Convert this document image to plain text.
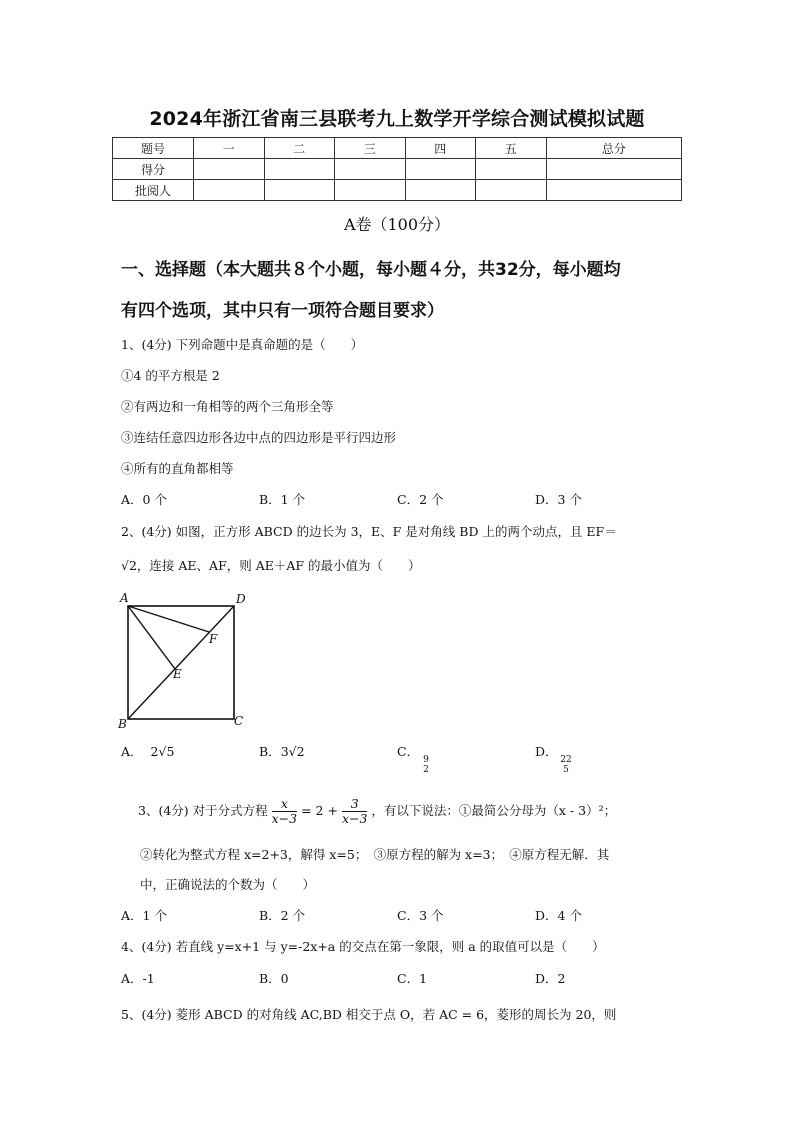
2024年浙江省南三县联考九上数学开学综合测试模拟试题
题号	一	二	三	四	五	总分
得分						
批阅人						
A卷（100分）
一、选择题（本大题共８个小题，每小题４分，共32分，每小题均
有四个选项，其中只有一项符合题目要求）
1、(4分) 下列命题中是真命题的是（　　）
①4 的平方根是 2
②有两边和一角相等的两个三角形全等
③连结任意四边形各边中点的四边形是平行四边形
④所有的直角都相等
A．0 个	B．1 个	C．2 个	D．3 个
2、(4分) 如图，正方形 ABCD 的边长为 3，E、F 是对角线 BD 上的两个动点，且 EF＝
√2，连接 AE、AF，则 AE＋AF 的最小值为（　　）
A	D
B	C
E
F
A． 2√5	B．3√2	C．
9
2
D．
22
5
3、(4分) 对于分式方程 $\frac{x}{x-3} = 2 + \frac{3}{x-3}$ ，有以下说法：①最简公分母为（x - 3）²；
②转化为整式方程 x=2+3，解得 x=5；　③原方程的解为 x=3；　④原方程无解．其
中，正确说法的个数为（　　）
A．1 个	B．2 个	C．3 个	D．4 个
4、(4分) 若直线 y=x+1 与 y=-2x+a 的交点在第一象限，则 a 的取值可以是（　　）
A．-1	B．0	C．1	D．2
5、(4分) 菱形 ABCD 的对角线 AC,BD 相交于点 O，若 AC = 6，菱形的周长为 20，则
